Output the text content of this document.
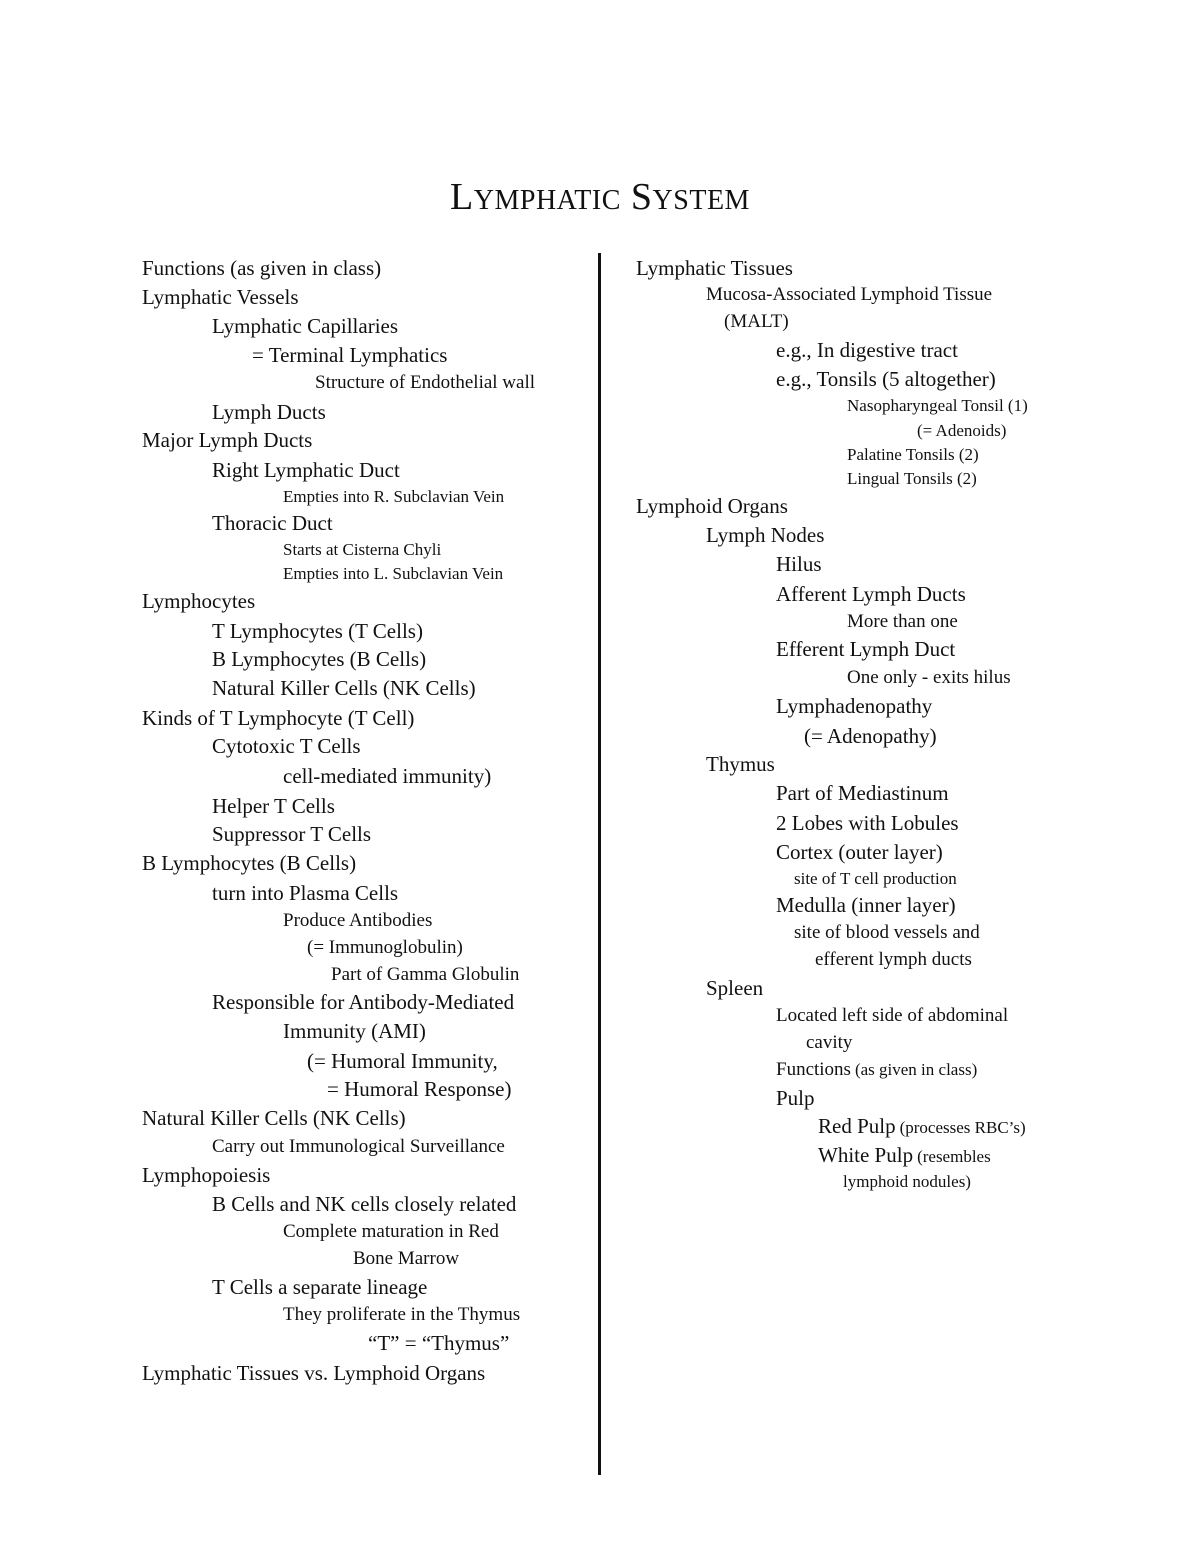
LYMPHATIC SYSTEM
Functions (as given in class)
Lymphatic Vessels
Lymphatic Capillaries
= Terminal Lymphatics
Structure of Endothelial wall
Lymph Ducts
Major Lymph Ducts
Right Lymphatic Duct
Empties into R. Subclavian Vein
Thoracic Duct
Starts at Cisterna Chyli
Empties into L. Subclavian Vein
Lymphocytes
T Lymphocytes (T Cells)
B Lymphocytes (B Cells)
Natural Killer Cells (NK Cells)
Kinds of T Lymphocyte (T Cell)
Cytotoxic T Cells
cell-mediated immunity)
Helper T Cells
Suppressor T Cells
B Lymphocytes (B Cells)
turn into Plasma Cells
Produce Antibodies
(= Immunoglobulin)
Part of Gamma Globulin
Responsible for Antibody-Mediated
Immunity (AMI)
(= Humoral Immunity,
= Humoral Response)
Natural Killer Cells (NK Cells)
Carry out Immunological Surveillance
Lymphopoiesis
B Cells and NK cells closely related
Complete maturation in Red
Bone Marrow
T Cells a separate lineage
They proliferate in the Thymus
“T” = “Thymus”
Lymphatic Tissues vs. Lymphoid Organs
Lymphatic Tissues
Mucosa-Associated Lymphoid Tissue
(MALT)
e.g., In digestive tract
e.g., Tonsils (5 altogether)
Nasopharyngeal Tonsil (1)
(= Adenoids)
Palatine Tonsils (2)
Lingual Tonsils (2)
Lymphoid Organs
Lymph Nodes
Hilus
Afferent Lymph Ducts
More than one
Efferent Lymph Duct
One only - exits hilus
Lymphadenopathy
(= Adenopathy)
Thymus
Part of Mediastinum
2 Lobes with Lobules
Cortex (outer layer)
site of T cell production
Medulla (inner layer)
site of blood vessels and
efferent lymph ducts
Spleen
Located left side of abdominal
cavity
Functions (as given in class)
Pulp
Red Pulp (processes RBC’s)
White Pulp (resembles
lymphoid nodules)
